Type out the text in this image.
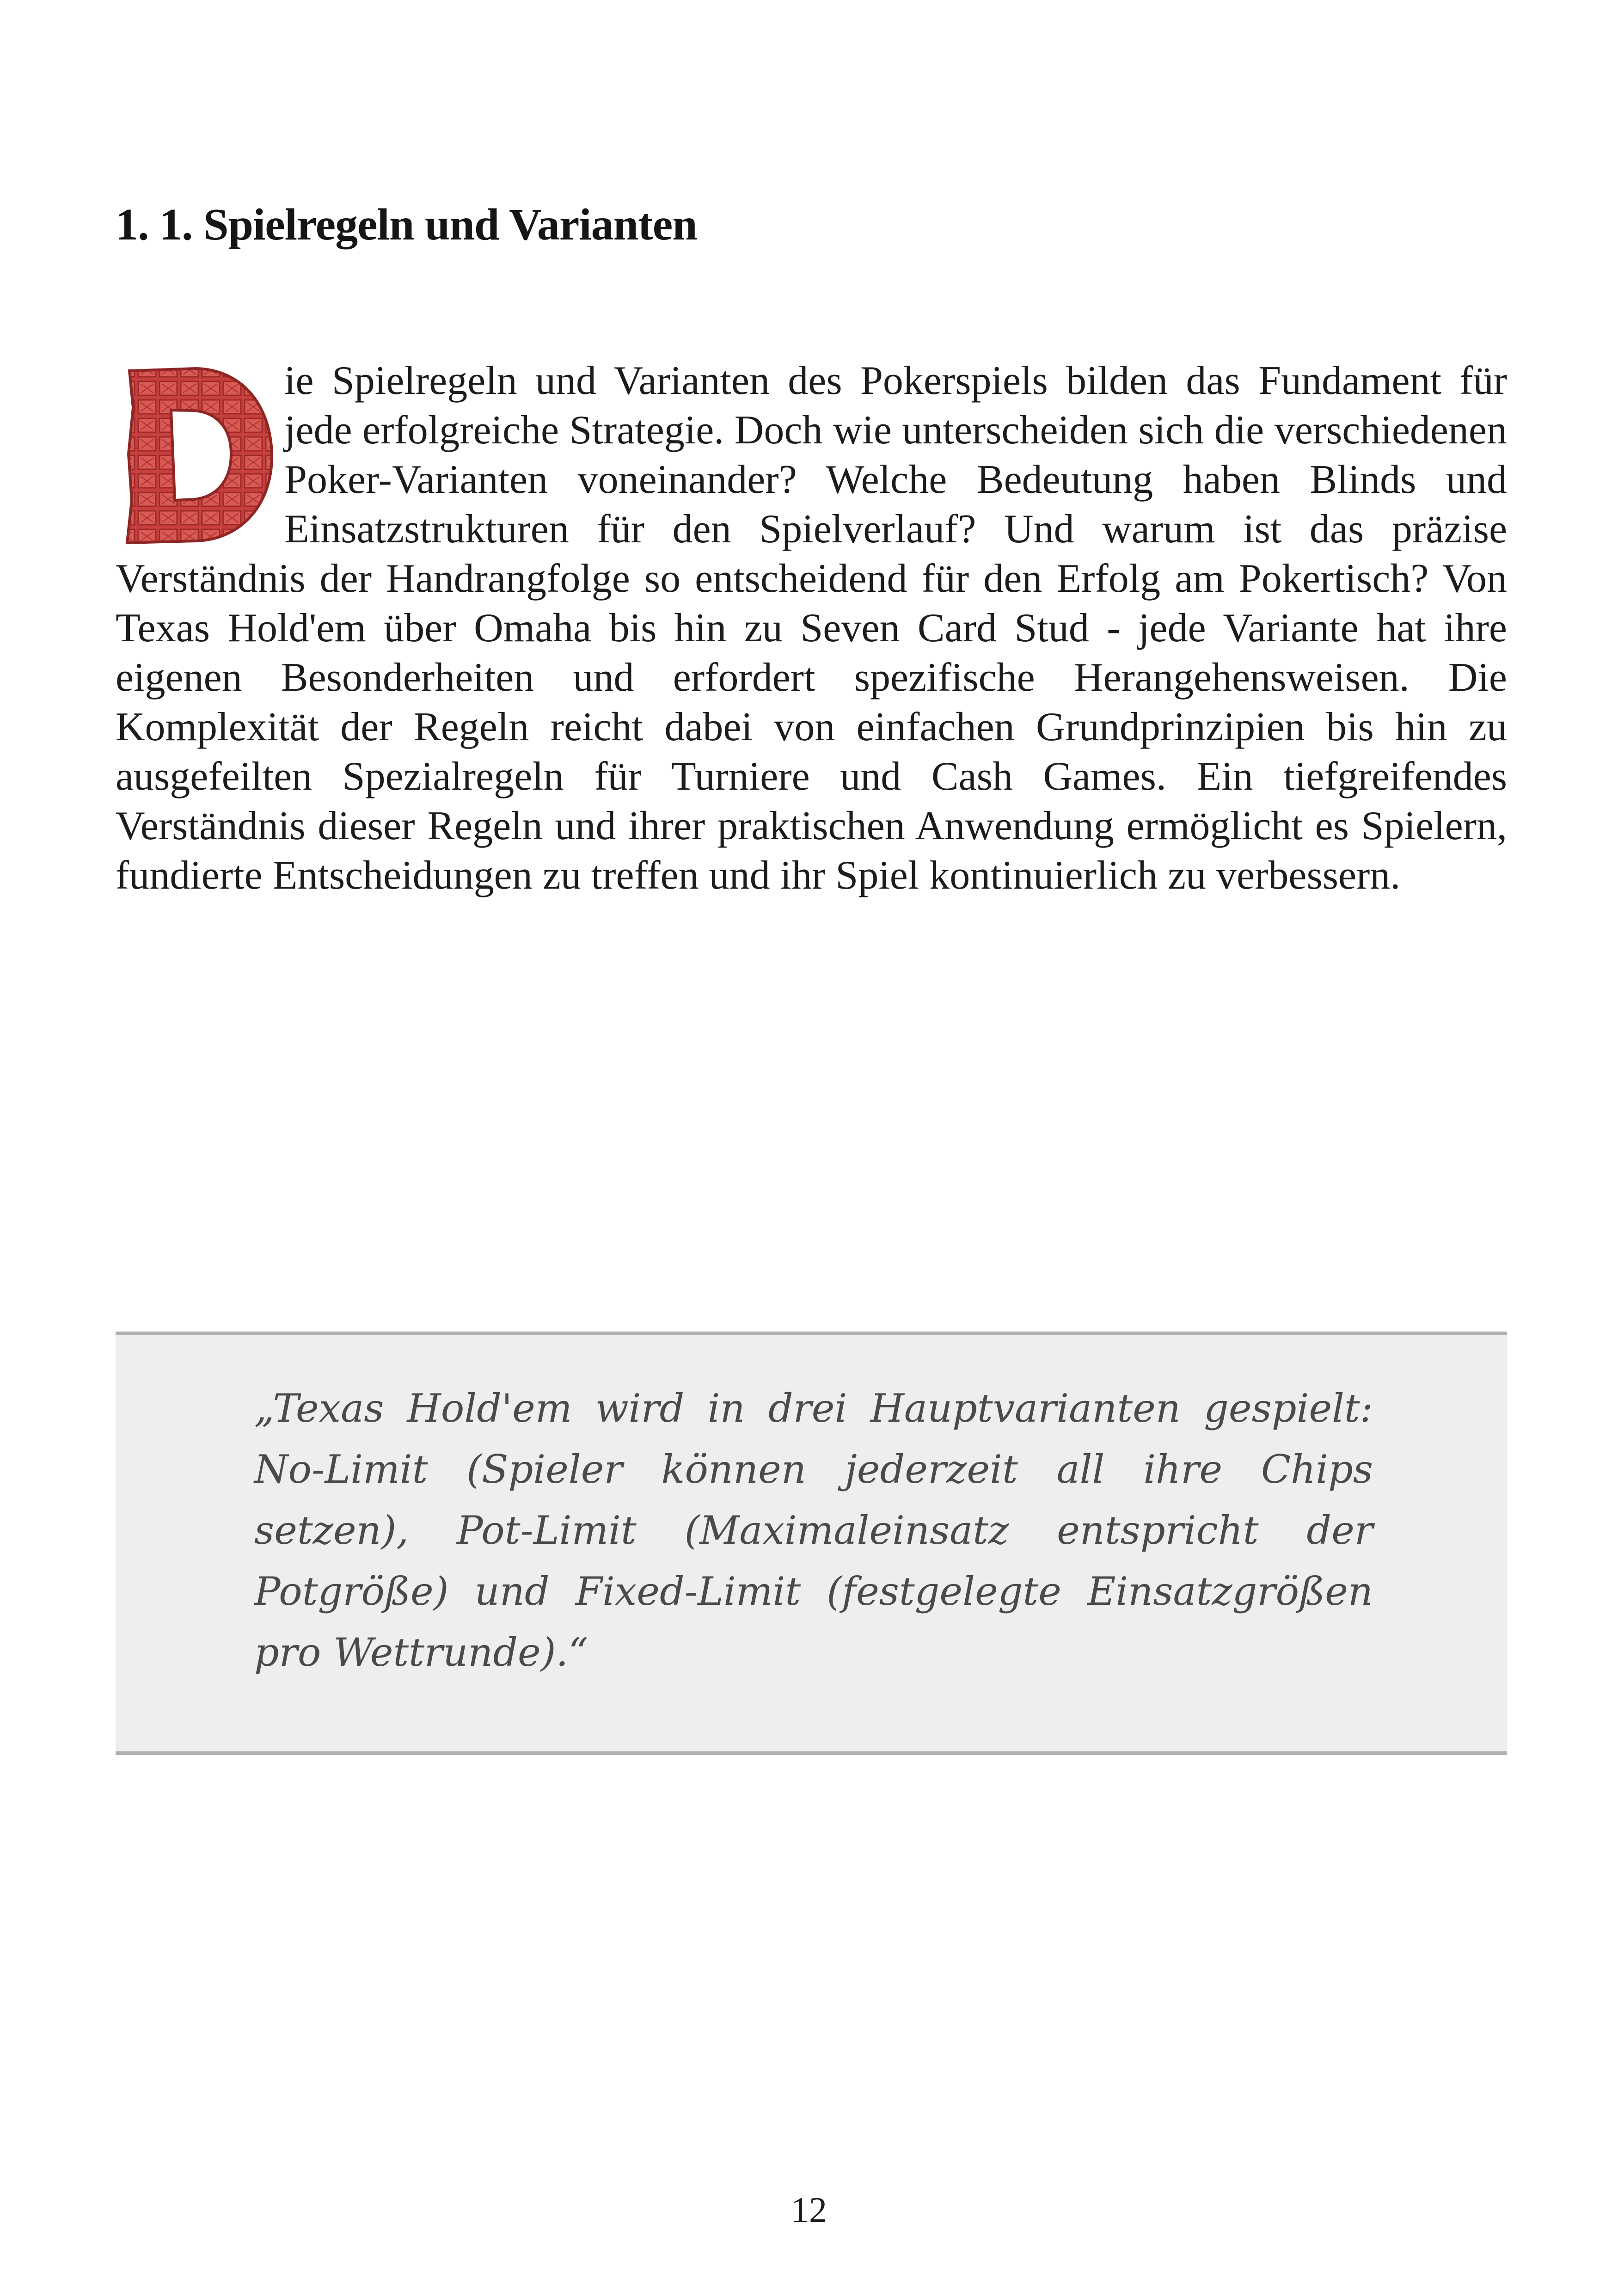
1. 1. Spielregeln und Varianten

ie Spielregeln und Varianten des Pokerspiels bilden das Fundament für jede erfolgreiche Strategie. Doch wie unterscheiden sich die verschiedenen Poker-Varianten voneinander? Welche Bedeutung haben Blinds und Einsatzstrukturen für den Spielverlauf? Und warum ist das präzise Verständnis der Handrangfolge so entscheidend für den Erfolg am Pokertisch? Von Texas Hold'em über Omaha bis hin zu Seven Card Stud - jede Variante hat ihre eigenen Besonderheiten und erfordert spezifische Herangehensweisen. Die Komplexität der Regeln reicht dabei von einfachen Grundprinzipien bis hin zu ausgefeilten Spezialregeln für Turniere und Cash Games. Ein tiefgreifendes Verständnis dieser Regeln und ihrer praktischen Anwendung ermöglicht es Spielern, fundierte Entscheidungen zu treffen und ihr Spiel kontinuierlich zu verbessern.

„Texas Hold'em wird in drei Hauptvarianten gespielt: No-Limit (Spieler können jederzeit all ihre Chips setzen), Pot-Limit (Maximaleinsatz entspricht der Potgröße) und Fixed-Limit (festgelegte Einsatzgrößen pro Wettrunde).“

12
